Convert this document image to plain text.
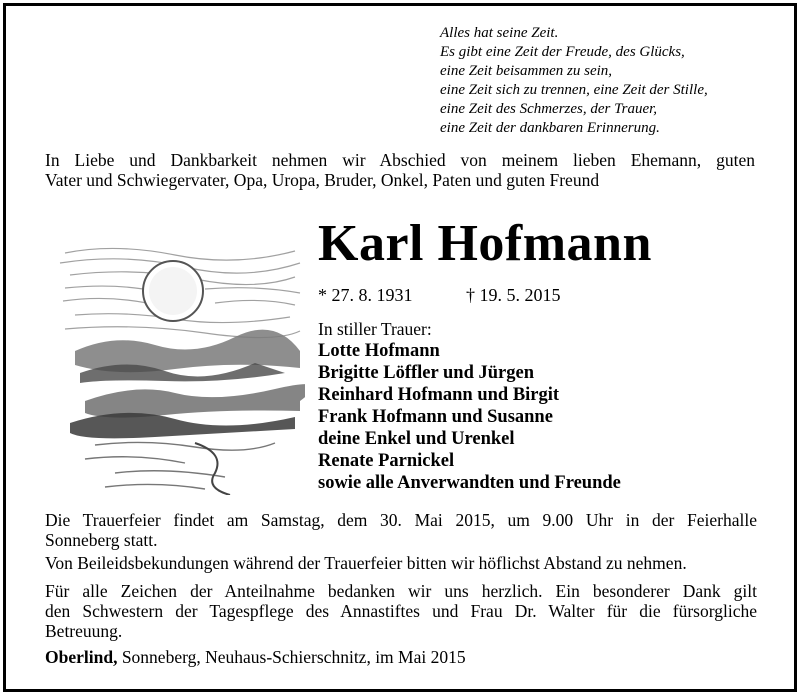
Alles hat seine Zeit.
Es gibt eine Zeit der Freude, des Glücks,
eine Zeit beisammen zu sein,
eine Zeit sich zu trennen, eine Zeit der Stille,
eine Zeit des Schmerzes, der Trauer,
eine Zeit der dankbaren Erinnerung.
In Liebe und Dankbarkeit nehmen wir Abschied von meinem lieben Ehemann, guten
Vater und Schwiegervater, Opa, Uropa, Bruder, Onkel, Paten und guten Freund
Karl Hofmann
* 27. 8. 1931	† 19. 5. 2015
In stiller Trauer:
Lotte Hofmann
Brigitte Löffler und Jürgen
Reinhard Hofmann und Birgit
Frank Hofmann und Susanne
deine Enkel und Urenkel
Renate Parnickel
sowie alle Anverwandten und Freunde
Die Trauerfeier findet am Samstag, dem 30. Mai 2015, um 9.00 Uhr in der Feierhalle
Sonneberg statt.
Von Beileidsbekundungen während der Trauerfeier bitten wir höflichst Abstand zu nehmen.
Für alle Zeichen der Anteilnahme bedanken wir uns herzlich. Ein besonderer Dank gilt
den Schwestern der Tagespflege des Annastiftes und Frau Dr. Walter für die fürsorgliche
Betreuung.
Oberlind, Sonneberg, Neuhaus-Schierschnitz, im Mai 2015
